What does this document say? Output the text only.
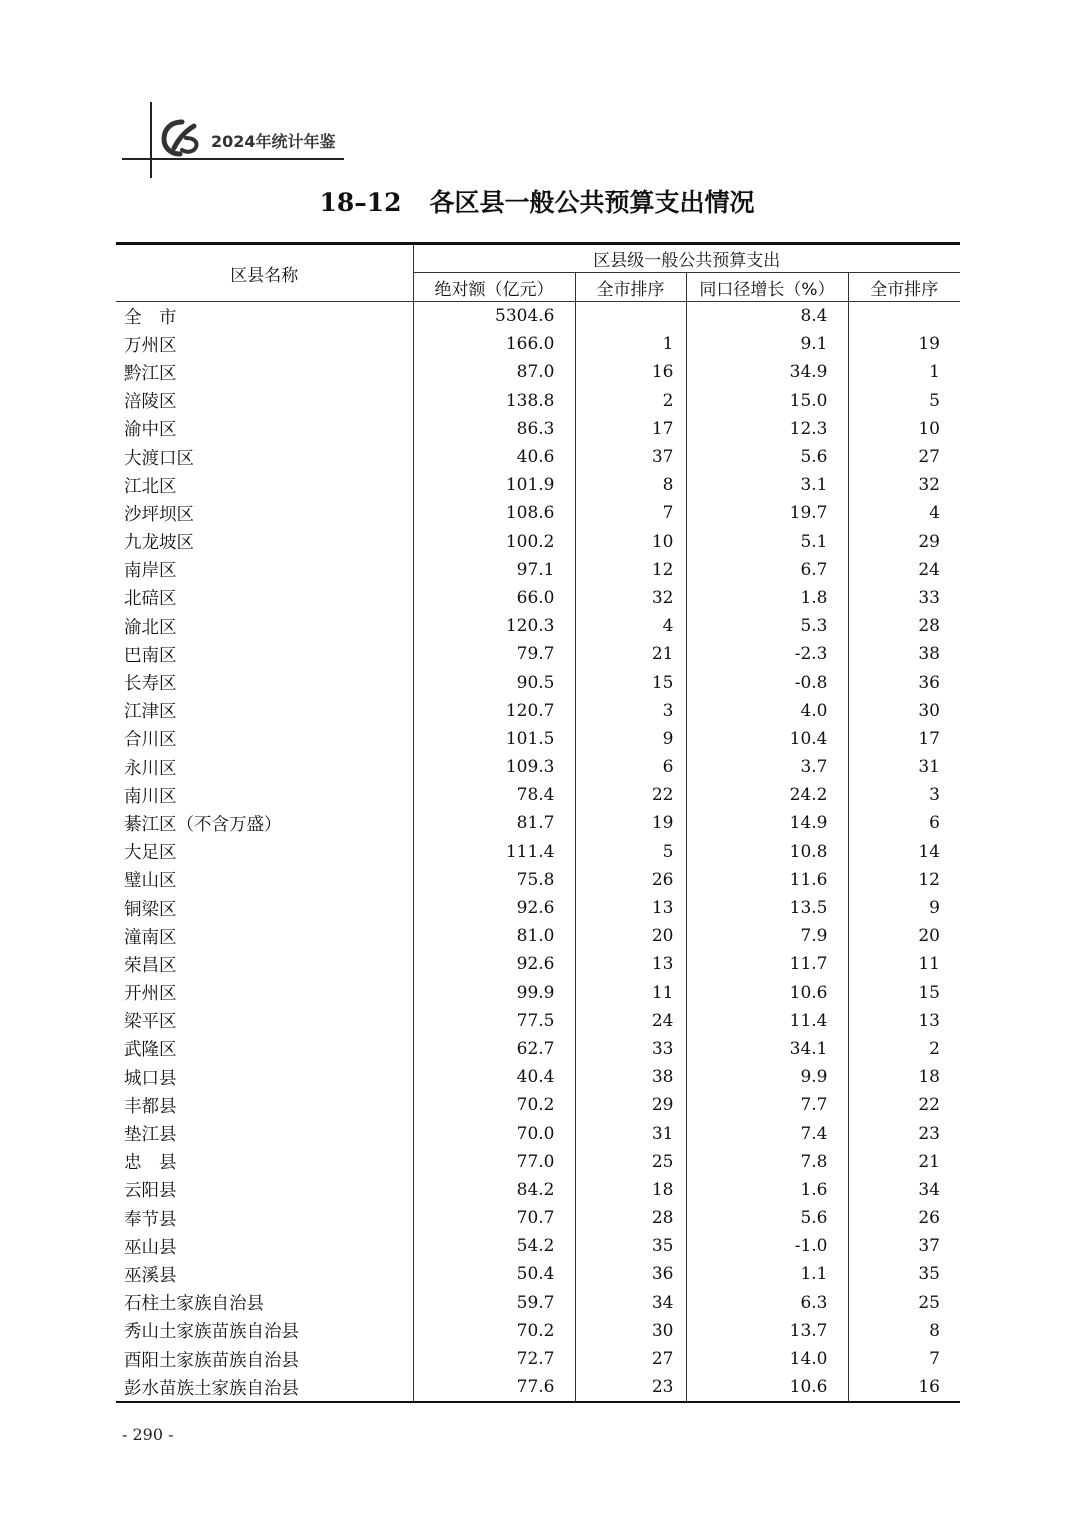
2024年统计年鉴
18–12 各区县一般公共预算支出情况
区县名称	区县级一般公共预算支出			
	绝对额（亿元）	全市排序	同口径增长（%）	全市排序
全　市	5304.6		8.4	
万州区	166.0	1	9.1	19
黔江区	87.0	16	34.9	1
涪陵区	138.8	2	15.0	5
渝中区	86.3	17	12.3	10
大渡口区	40.6	37	5.6	27
江北区	101.9	8	3.1	32
沙坪坝区	108.6	7	19.7	4
九龙坡区	100.2	10	5.1	29
南岸区	97.1	12	6.7	24
北碚区	66.0	32	1.8	33
渝北区	120.3	4	5.3	28
巴南区	79.7	21	-2.3	38
长寿区	90.5	15	-0.8	36
江津区	120.7	3	4.0	30
合川区	101.5	9	10.4	17
永川区	109.3	6	3.7	31
南川区	78.4	22	24.2	3
綦江区（不含万盛）	81.7	19	14.9	6
大足区	111.4	5	10.8	14
璧山区	75.8	26	11.6	12
铜梁区	92.6	13	13.5	9
潼南区	81.0	20	7.9	20
荣昌区	92.6	13	11.7	11
开州区	99.9	11	10.6	15
梁平区	77.5	24	11.4	13
武隆区	62.7	33	34.1	2
城口县	40.4	38	9.9	18
丰都县	70.2	29	7.7	22
垫江县	70.0	31	7.4	23
忠　县	77.0	25	7.8	21
云阳县	84.2	18	1.6	34
奉节县	70.7	28	5.6	26
巫山县	54.2	35	-1.0	37
巫溪县	50.4	36	1.1	35
石柱土家族自治县	59.7	34	6.3	25
秀山土家族苗族自治县	70.2	30	13.7	8
酉阳土家族苗族自治县	72.7	27	14.0	7
彭水苗族土家族自治县	77.6	23	10.6	16
- 290 -
